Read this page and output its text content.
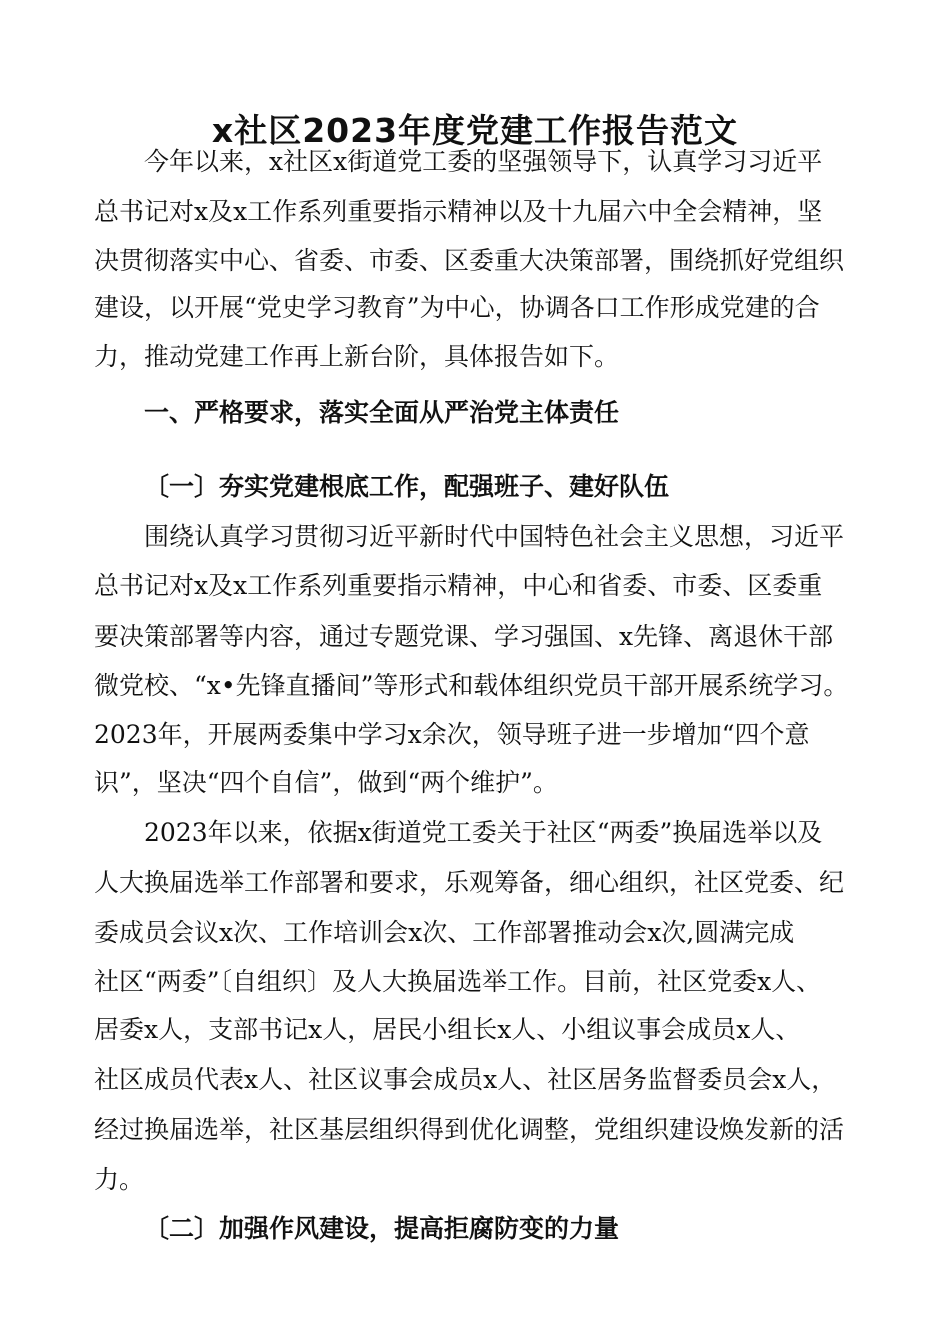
x社区2023年度党建工作报告范文
今年以来，x社区x街道党工委的坚强领导下，认真学习习近平
总书记对x及x工作系列重要指示精神以及十九届六中全会精神，坚
决贯彻落实中心、省委、市委、区委重大决策部署，围绕抓好党组织
建设，以开展“党史学习教育”为中心，协调各口工作形成党建的合
力，推动党建工作再上新台阶，具体报告如下。
一、严格要求，落实全面从严治党主体责任
〔一〕夯实党建根底工作，配强班子、建好队伍
围绕认真学习贯彻习近平新时代中国特色社会主义思想，习近平
总书记对x及x工作系列重要指示精神，中心和省委、市委、区委重
要决策部署等内容，通过专题党课、学习强国、x先锋、离退休干部
微党校、“x•先锋直播间”等形式和载体组织党员干部开展系统学习。
2023年，开展两委集中学习x余次，领导班子进一步增加“四个意
识”，坚决“四个自信”，做到“两个维护”。
2023年以来，依据x街道党工委关于社区“两委”换届选举以及
人大换届选举工作部署和要求，乐观筹备，细心组织，社区党委、纪
委成员会议x次、工作培训会x次、工作部署推动会x次,圆满完成
社区“两委”〔自组织〕及人大换届选举工作。目前，社区党委x人、
居委x人，支部书记x人，居民小组长x人、小组议事会成员x人、
社区成员代表x人、社区议事会成员x人、社区居务监督委员会x人，
经过换届选举，社区基层组织得到优化调整，党组织建设焕发新的活
力。
〔二〕加强作风建设，提高拒腐防变的力量
